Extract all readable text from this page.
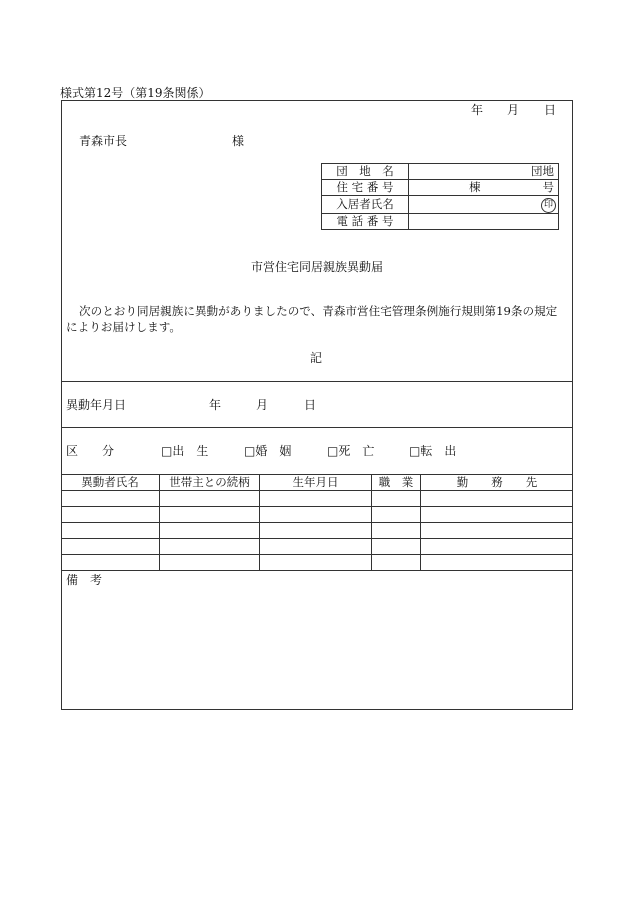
様式第12号（第19条関係）
年 月 日
青森市長	様
団　地　名	団地
住 宅 番 号	棟 号

入居者氏名	印
電 話 番 号	
市営住宅同居親族異動届
次のとおり同居親族に異動がありましたので、青森市営住宅管理条例施行規則第19条の規定
によりお届けします。
記
異動年月日	年	月	日
区　　分	□出　生	□婚　姻	□死　亡	□転　出
異動者氏名	世帯主との続柄	生年月日	職　業	勤　　務　　先

備　考
